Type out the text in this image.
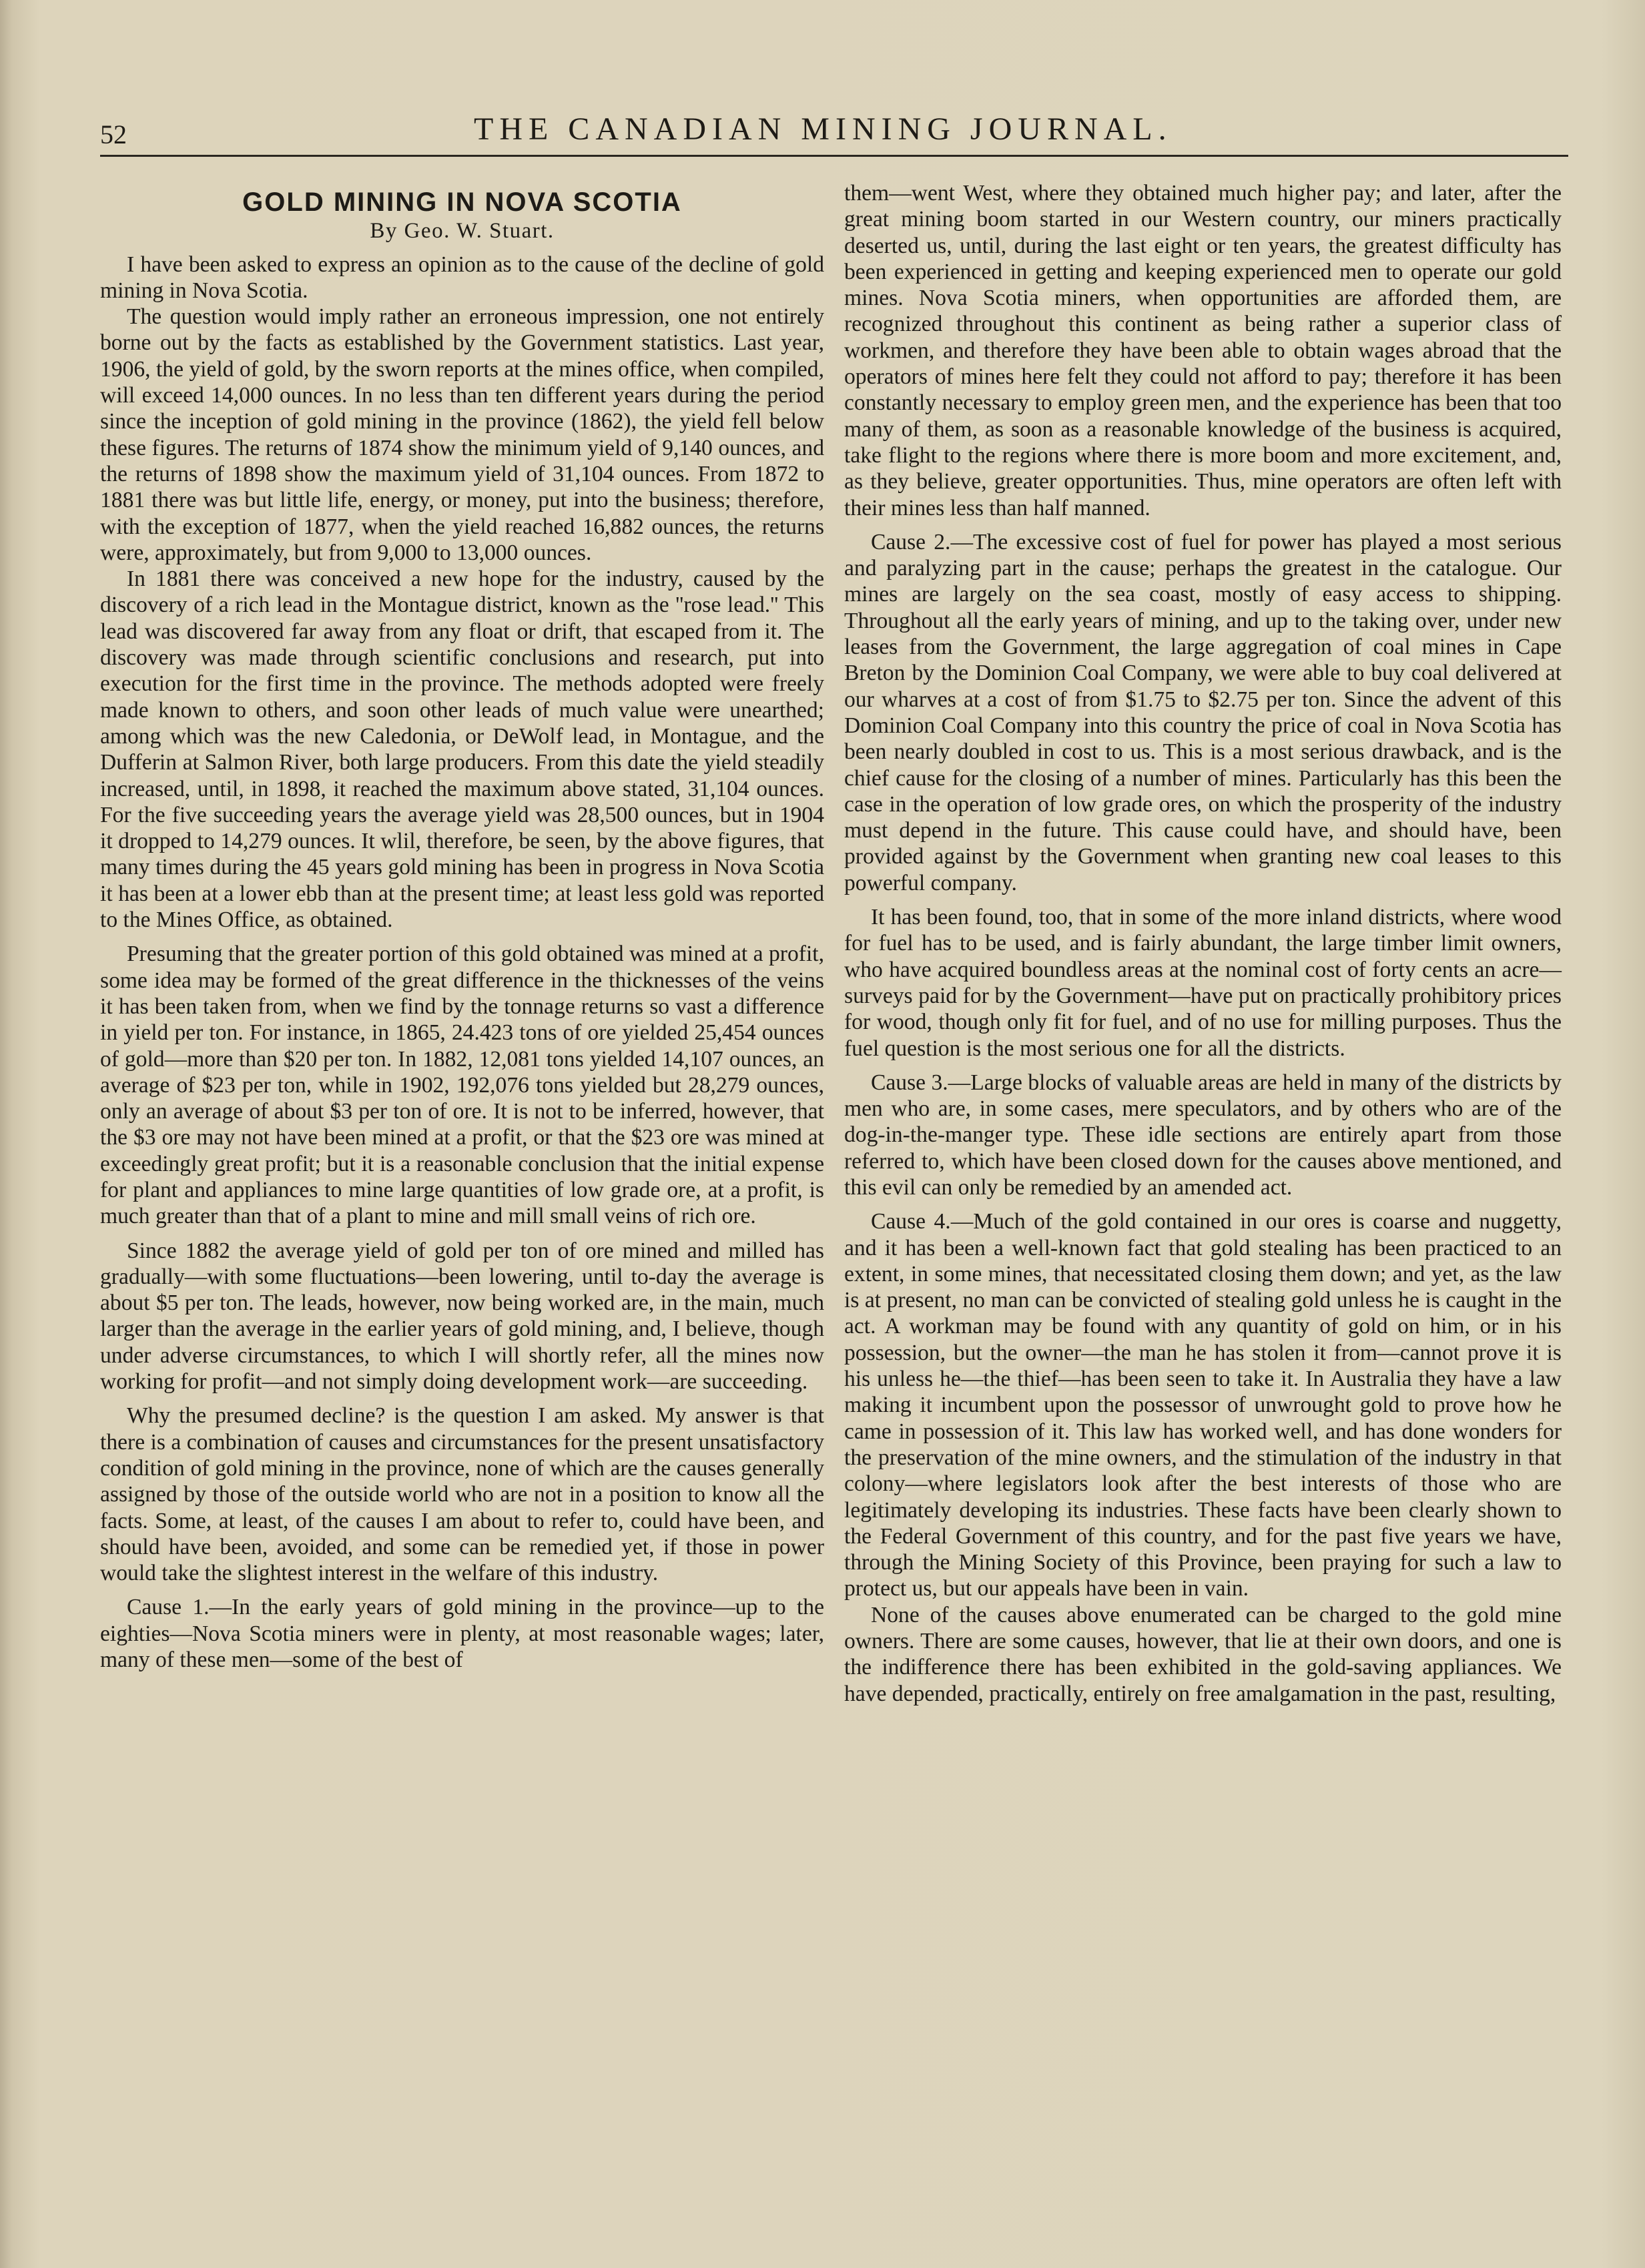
52	THE CANADIAN MINING JOURNAL.
GOLD MINING IN NOVA SCOTIA
By Geo. W. Stuart.

I have been asked to express an opinion as to the cause of the decline of gold mining in Nova Scotia.

The question would imply rather an erroneous impression, one not entirely borne out by the facts as established by the Government statistics. Last year, 1906, the yield of gold, by the sworn reports at the mines office, when compiled, will exceed 14,000 ounces. In no less than ten different years during the period since the inception of gold mining in the province (1862), the yield fell below these figures. The returns of 1874 show the minimum yield of 9,140 ounces, and the returns of 1898 show the maximum yield of 31,104 ounces. From 1872 to 1881 there was but little life, energy, or money, put into the business; therefore, with the exception of 1877, when the yield reached 16,882 ounces, the returns were, approximately, but from 9,000 to 13,000 ounces.

In 1881 there was conceived a new hope for the industry, caused by the discovery of a rich lead in the Montague district, known as the ''rose lead.'' This lead was discovered far away from any float or drift, that escaped from it. The discovery was made through scientific conclusions and research, put into execution for the first time in the province. The methods adopted were freely made known to others, and soon other leads of much value were unearthed; among which was the new Caledonia, or DeWolf lead, in Montague, and the Dufferin at Salmon River, both large producers. From this date the yield steadily increased, until, in 1898, it reached the maximum above stated, 31,104 ounces. For the five succeeding years the average yield was 28,500 ounces, but in 1904 it dropped to 14,279 ounces. It wlil, therefore, be seen, by the above figures, that many times during the 45 years gold mining has been in progress in Nova Scotia it has been at a lower ebb than at the present time; at least less gold was reported to the Mines Office, as obtained.

Presuming that the greater portion of this gold obtained was mined at a profit, some idea may be formed of the great difference in the thicknesses of the veins it has been taken from, when we find by the tonnage returns so vast a difference in yield per ton. For instance, in 1865, 24.423 tons of ore yielded 25,454 ounces of gold—more than $20 per ton. In 1882, 12,081 tons yielded 14,107 ounces, an average of $23 per ton, while in 1902, 192,076 tons yielded but 28,279 ounces, only an average of about $3 per ton of ore. It is not to be inferred, however, that the $3 ore may not have been mined at a profit, or that the $23 ore was mined at exceedingly great profit; but it is a reasonable conclusion that the initial expense for plant and appliances to mine large quantities of low grade ore, at a profit, is much greater than that of a plant to mine and mill small veins of rich ore.

Since 1882 the average yield of gold per ton of ore mined and milled has gradually—with some fluctuations—been lowering, until to-day the average is about $5 per ton. The leads, however, now being worked are, in the main, much larger than the average in the earlier years of gold mining, and, I believe, though under adverse circumstances, to which I will shortly refer, all the mines now working for profit—and not simply doing development work—are succeeding.

Why the presumed decline? is the question I am asked. My answer is that there is a combination of causes and circumstances for the present unsatisfactory condition of gold mining in the province, none of which are the causes generally assigned by those of the outside world who are not in a position to know all the facts. Some, at least, of the causes I am about to refer to, could have been, and should have been, avoided, and some can be remedied yet, if those in power would take the slightest interest in the welfare of this industry.

Cause 1.—In the early years of gold mining in the province—up to the eighties—Nova Scotia miners were in plenty, at most reasonable wages; later, many of these men—some of the best of

them—went West, where they obtained much higher pay; and later, after the great mining boom started in our Western country, our miners practically deserted us, until, during the last eight or ten years, the greatest difficulty has been experienced in getting and keeping experienced men to operate our gold mines. Nova Scotia miners, when opportunities are afforded them, are recognized throughout this continent as being rather a superior class of workmen, and therefore they have been able to obtain wages abroad that the operators of mines here felt they could not afford to pay; therefore it has been constantly necessary to employ green men, and the experience has been that too many of them, as soon as a reasonable knowledge of the business is acquired, take flight to the regions where there is more boom and more excitement, and, as they believe, greater opportunities. Thus, mine operators are often left with their mines less than half manned.

Cause 2.—The excessive cost of fuel for power has played a most serious and paralyzing part in the cause; perhaps the greatest in the catalogue. Our mines are largely on the sea coast, mostly of easy access to shipping. Throughout all the early years of mining, and up to the taking over, under new leases from the Government, the large aggregation of coal mines in Cape Breton by the Dominion Coal Company, we were able to buy coal delivered at our wharves at a cost of from $1.75 to $2.75 per ton. Since the advent of this Dominion Coal Company into this country the price of coal in Nova Scotia has been nearly doubled in cost to us. This is a most serious drawback, and is the chief cause for the closing of a number of mines. Particularly has this been the case in the operation of low grade ores, on which the prosperity of the industry must depend in the future. This cause could have, and should have, been provided against by the Government when granting new coal leases to this powerful company.

It has been found, too, that in some of the more inland districts, where wood for fuel has to be used, and is fairly abundant, the large timber limit owners, who have acquired boundless areas at the nominal cost of forty cents an acre—surveys paid for by the Government—have put on practically prohibitory prices for wood, though only fit for fuel, and of no use for milling purposes. Thus the fuel question is the most serious one for all the districts.

Cause 3.—Large blocks of valuable areas are held in many of the districts by men who are, in some cases, mere speculators, and by others who are of the dog-in-the-manger type. These idle sections are entirely apart from those referred to, which have been closed down for the causes above mentioned, and this evil can only be remedied by an amended act.

Cause 4.—Much of the gold contained in our ores is coarse and nuggetty, and it has been a well-known fact that gold stealing has been practiced to an extent, in some mines, that necessitated closing them down; and yet, as the law is at present, no man can be convicted of stealing gold unless he is caught in the act. A workman may be found with any quantity of gold on him, or in his possession, but the owner—the man he has stolen it from—cannot prove it is his unless he—the thief—has been seen to take it. In Australia they have a law making it incumbent upon the possessor of unwrought gold to prove how he came in possession of it. This law has worked well, and has done wonders for the preservation of the mine owners, and the stimulation of the industry in that colony—where legislators look after the best interests of those who are legitimately developing its industries. These facts have been clearly shown to the Federal Government of this country, and for the past five years we have, through the Mining Society of this Province, been praying for such a law to protect us, but our appeals have been in vain.

None of the causes above enumerated can be charged to the gold mine owners. There are some causes, however, that lie at their own doors, and one is the indifference there has been exhibited in the gold-saving appliances. We have depended, practically, entirely on free amalgamation in the past, resulting,
